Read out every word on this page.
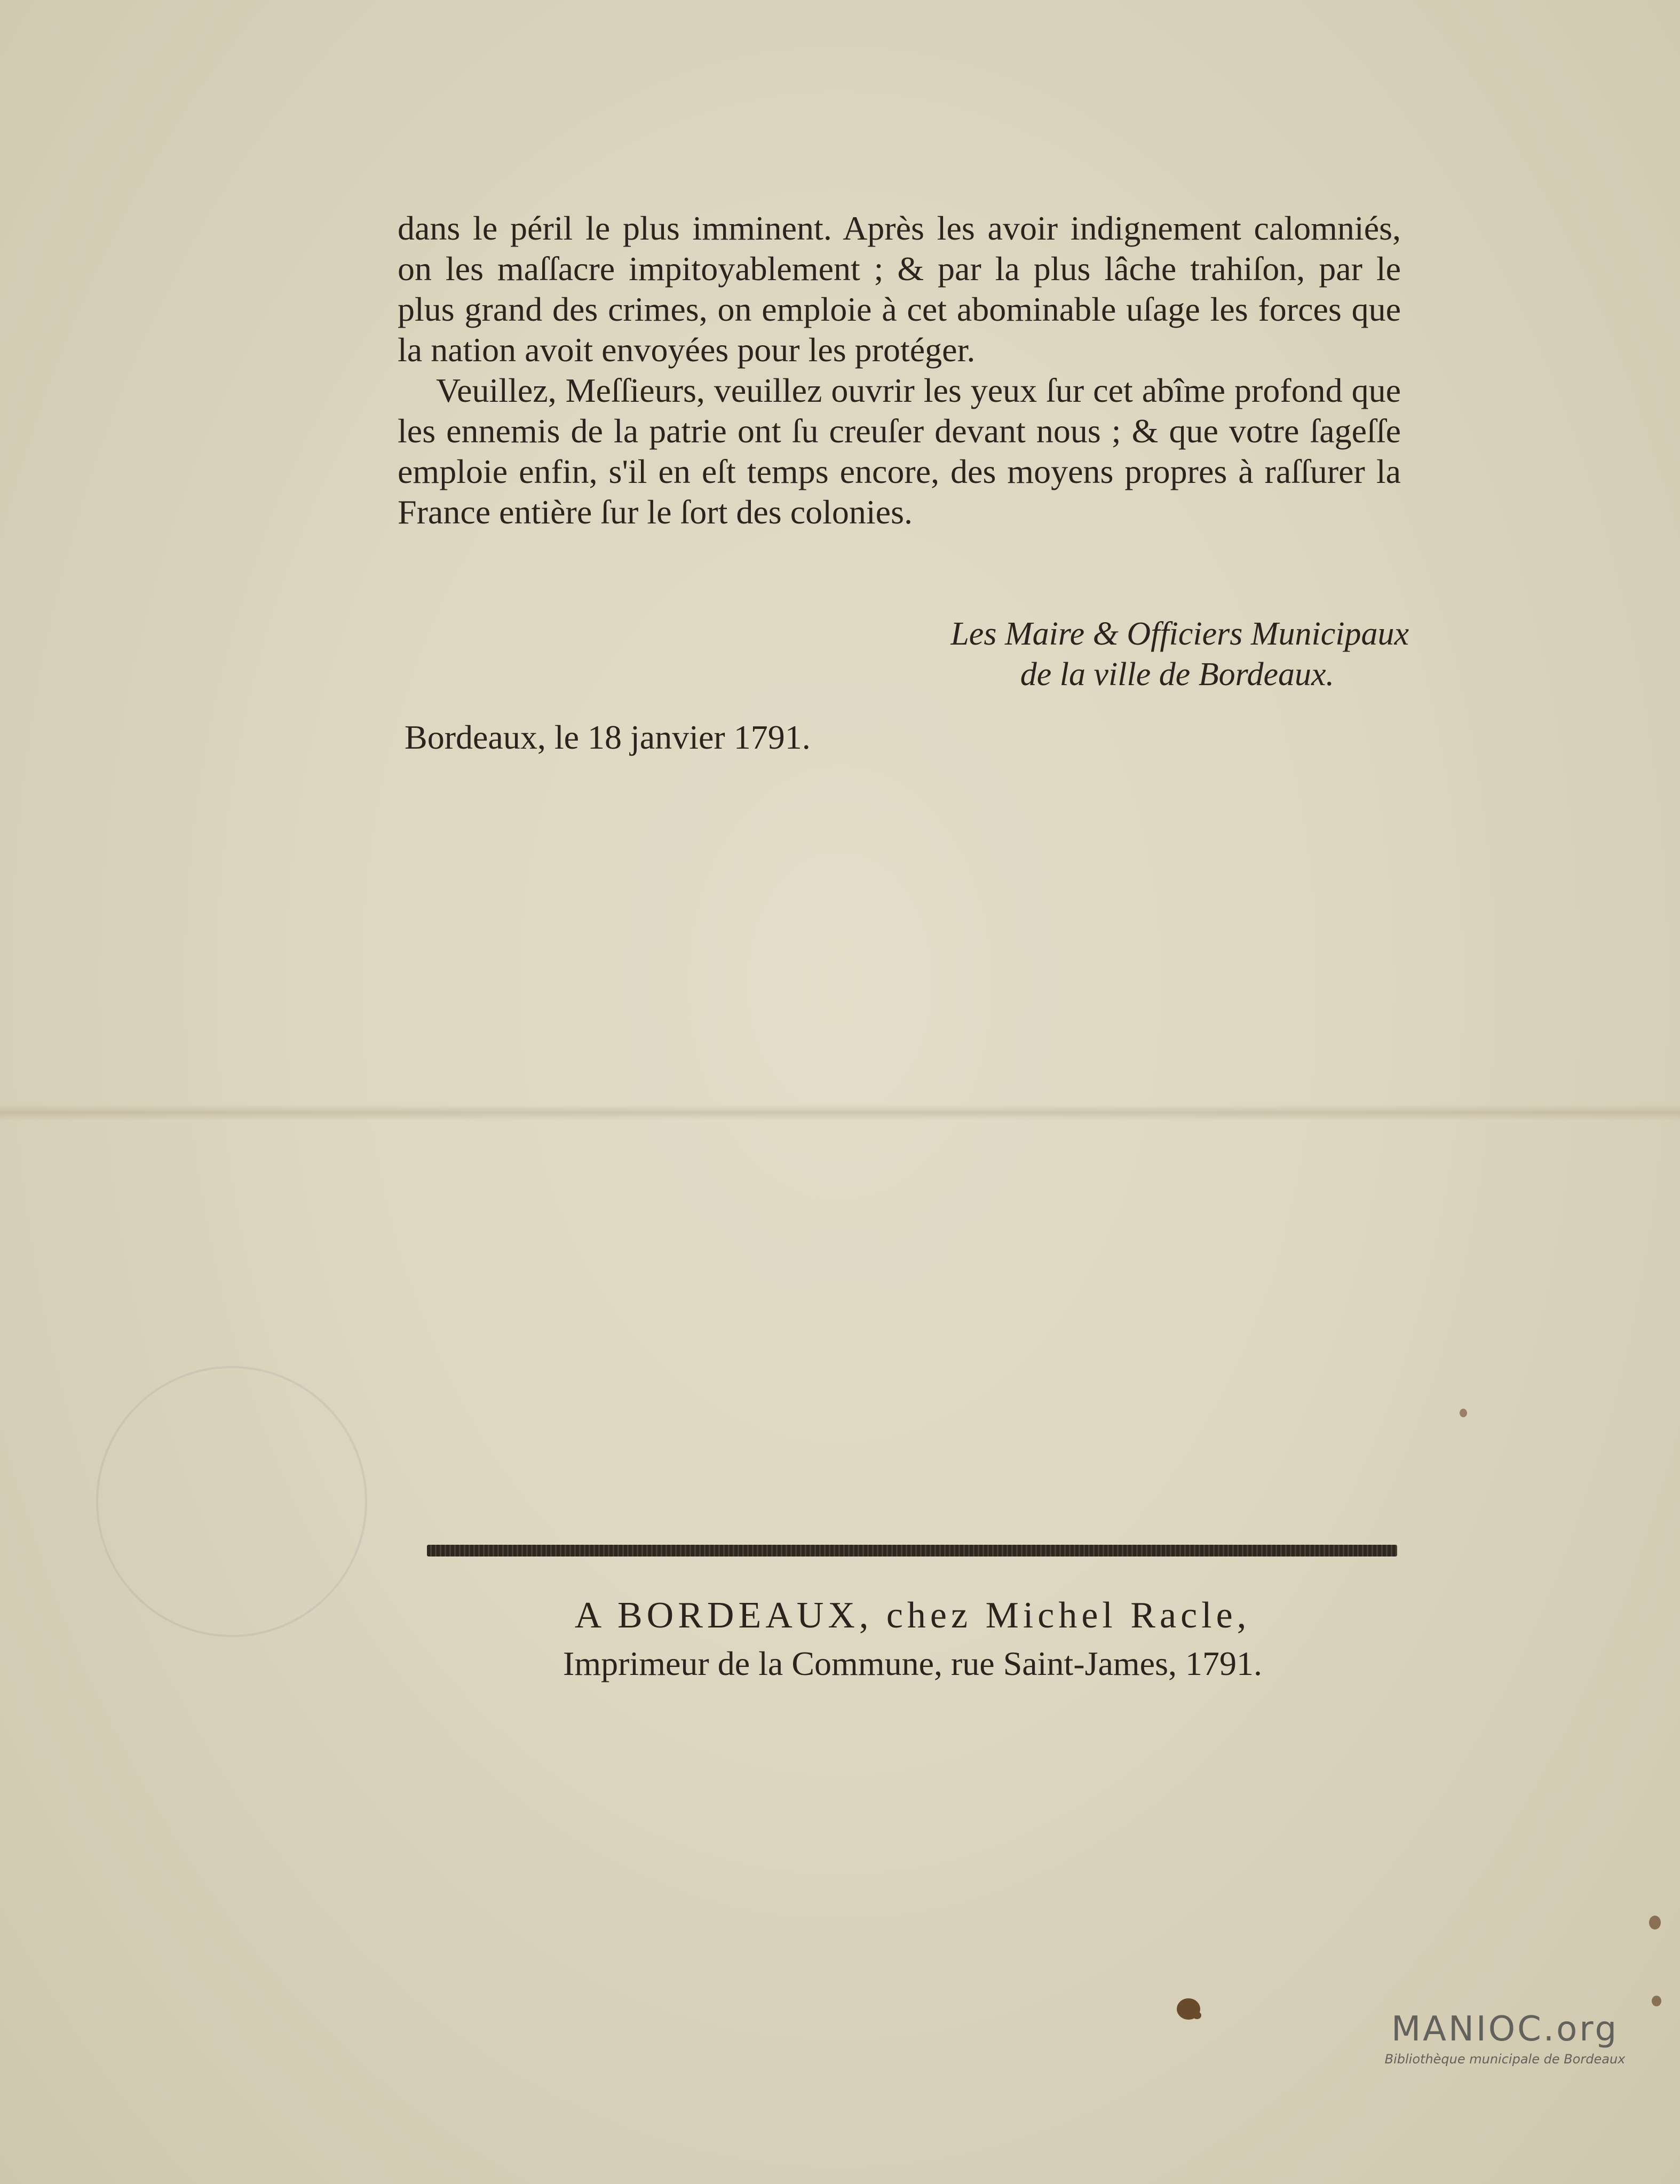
dans le péril le plus imminent. Après les avoir indignement calomniés, on les maſſacre impitoyablement ; & par la plus lâche trahiſon, par le plus grand des crimes, on emploie à cet abominable uſage les forces que la nation avoit envoyées pour les protéger.

Veuillez, Meſſieurs, veuillez ouvrir les yeux ſur cet abîme profond que les ennemis de la patrie ont ſu creuſer devant nous ; & que votre ſageſſe emploie enfin, s'il en eſt temps encore, des moyens propres à raſſurer la France entière ſur le ſort des colonies.

Les Maire & Officiers Municipaux
de la ville de Bordeaux.
Bordeaux, le 18 janvier 1791.
A BORDEAUX, chez Michel Racle,
Imprimeur de la Commune, rue Saint-James, 1791.
MANIOC.org
Bibliothèque municipale de Bordeaux
